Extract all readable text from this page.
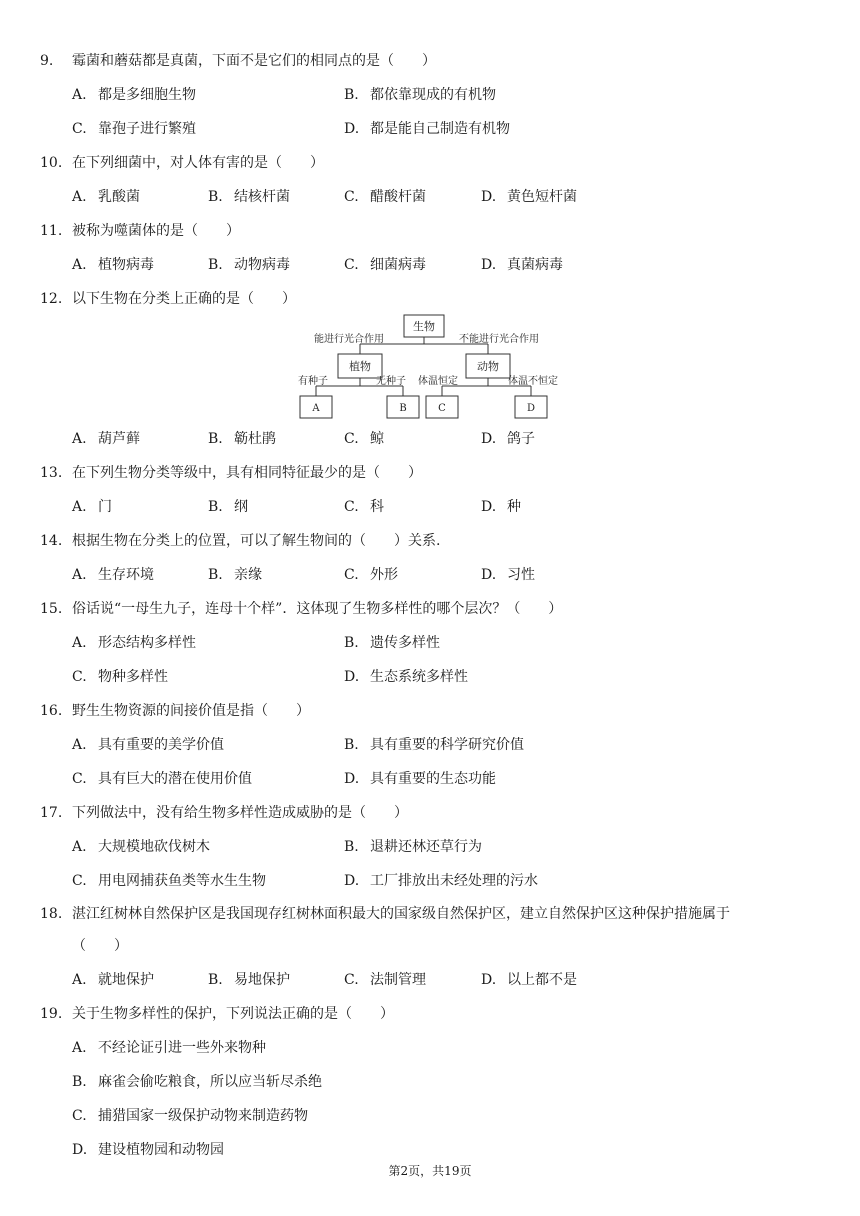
9. 霉菌和蘑菇都是真菌，下面不是它们的相同点的是（　　）
A. 都是多细胞生物	B. 都依靠现成的有机物
C. 靠孢子进行繁殖	D. 都是能自己制造有机物
10. 在下列细菌中，对人体有害的是（　　）
A. 乳酸菌	B. 结核杆菌	C. 醋酸杆菌	D. 黄色短杆菌
11. 被称为噬菌体的是（　　）
A. 植物病毒	B. 动物病毒	C. 细菌病毒	D. 真菌病毒
12. 以下生物在分类上正确的是（　　）
生物
能进行光合作用	不能进行光合作用
植物	动物
有种子	无种子 体温恒定	体温不恒定
A	B	C	D
A. 葫芦藓	B. 簕杜鹃	C. 鲸	D. 鸽子
13. 在下列生物分类等级中，具有相同特征最少的是（　　）
A. 门	B. 纲	C. 科	D. 种
14. 根据生物在分类上的位置，可以了解生物间的（　　）关系.
A. 生存环境	B. 亲缘	C. 外形	D. 习性
15. 俗话说“一母生九子，连母十个样”．这体现了生物多样性的哪个层次？（　　）
A. 形态结构多样性	B. 遗传多样性
C. 物种多样性	D. 生态系统多样性
16. 野生生物资源的间接价值是指（　　）
A. 具有重要的美学价值	B. 具有重要的科学研究价值
C. 具有巨大的潜在使用价值	D. 具有重要的生态功能
17. 下列做法中，没有给生物多样性造成威胁的是（　　）
A. 大规模地砍伐树木	B. 退耕还林还草行为
C. 用电网捕获鱼类等水生生物	D. 工厂排放出未经处理的污水
18. 湛江红树林自然保护区是我国现存红树林面积最大的国家级自然保护区，建立自然保护区这种保护措施属于
（　　）
A. 就地保护	B. 易地保护	C. 法制管理	D. 以上都不是
19. 关于生物多样性的保护，下列说法正确的是（　　）
A. 不经论证引进一些外来物种
B. 麻雀会偷吃粮食，所以应当斩尽杀绝
C. 捕猎国家一级保护动物来制造药物
D. 建设植物园和动物园
第2页，共19页
